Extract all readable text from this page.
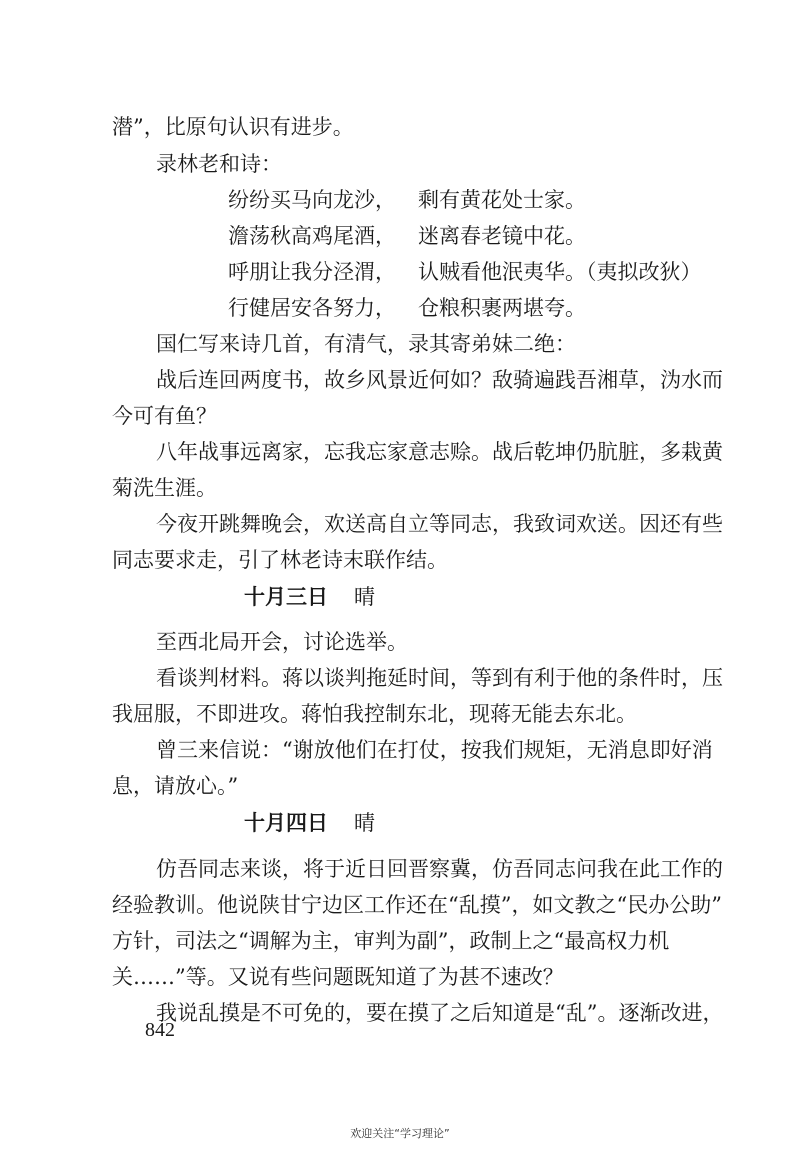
潜”，比原句认识有进步。
录林老和诗：
纷纷买马向龙沙， 剩有黄花处士家。
澹荡秋高鸡尾酒， 迷离春老镜中花。
呼朋让我分泾渭， 认贼看他泯夷华。（夷拟改狄）
行健居安各努力， 仓粮积裹两堪夸。
国仁写来诗几首，有清气，录其寄弟妹二绝：
战后连回两度书，故乡风景近何如？敌骑遍践吾湘草，沩水而
今可有鱼？
八年战事远离家，忘我忘家意志赊。战后乾坤仍肮脏，多栽黄
菊洗生涯。
今夜开跳舞晚会，欢送高自立等同志，我致词欢送。因还有些
同志要求走，引了林老诗末联作结。
十月三日 晴
至西北局开会，讨论选举。
看谈判材料。蒋以谈判拖延时间，等到有利于他的条件时，压
我屈服，不即进攻。蒋怕我控制东北，现蒋无能去东北。
曾三来信说：“谢放他们在打仗，按我们规矩，无消息即好消
息，请放心。”
十月四日 晴
仿吾同志来谈，将于近日回晋察冀，仿吾同志问我在此工作的
经验教训。他说陕甘宁边区工作还在“乱摸”，如文教之“民办公助”
方针，司法之“调解为主，审判为副”，政制上之“最高权力机
关……”等。又说有些问题既知道了为甚不速改？
我说乱摸是不可免的，要在摸了之后知道是“乱”。逐渐改进，
842
欢迎关注“学习理论”
